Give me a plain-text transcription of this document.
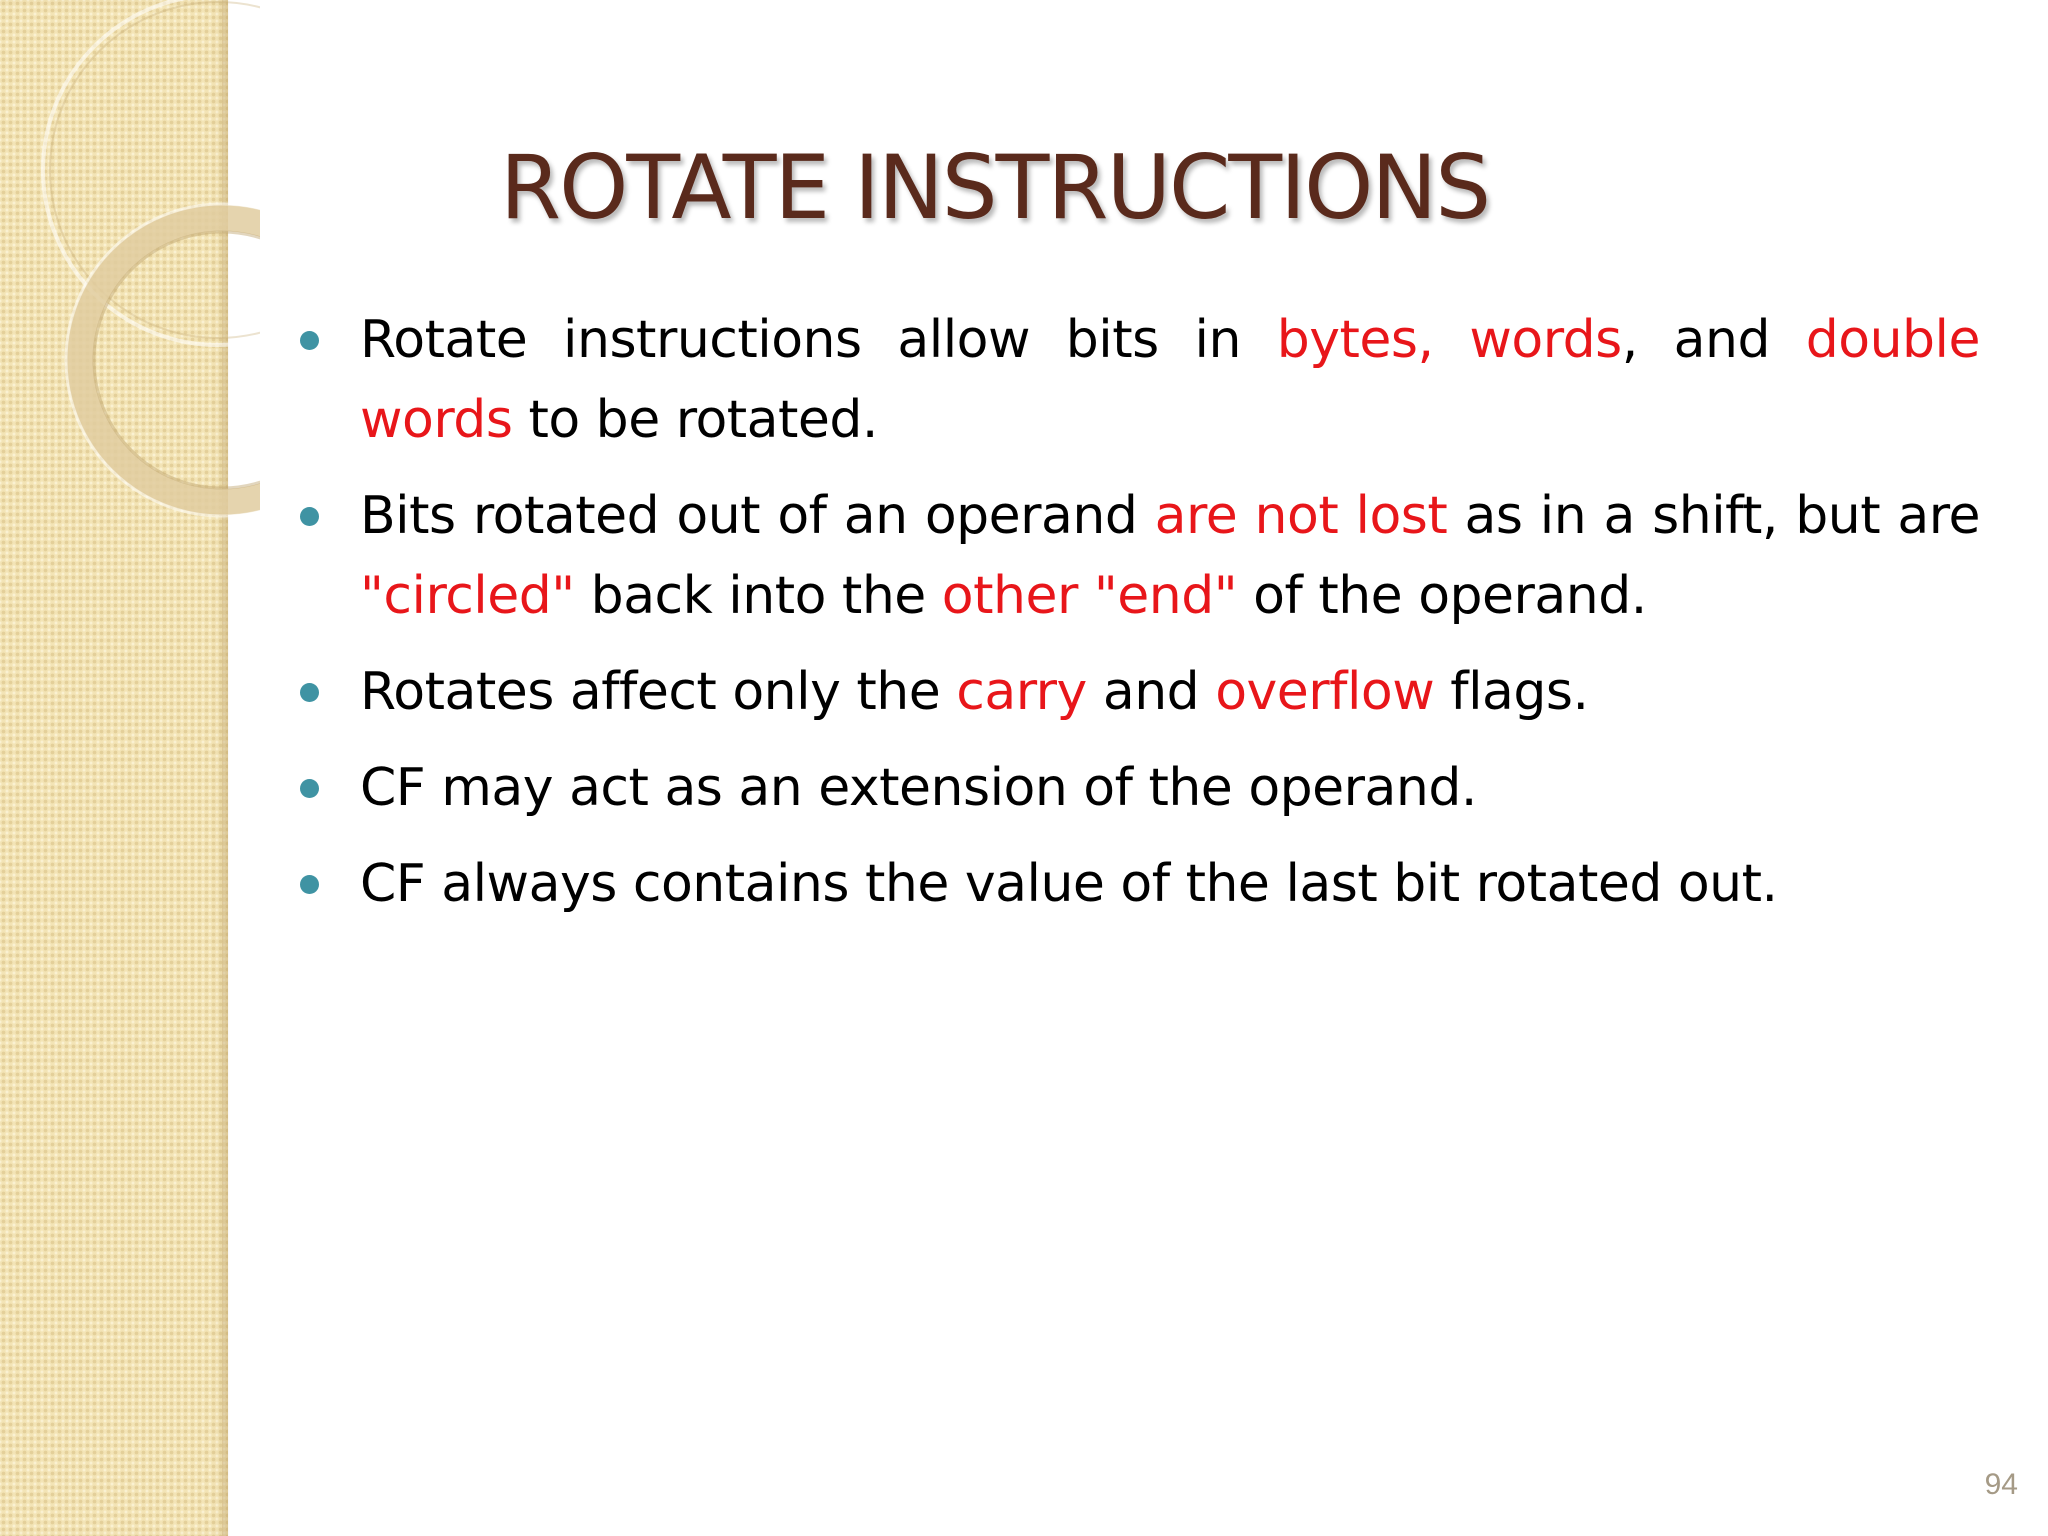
ROTATE INSTRUCTIONS
Rotate instructions allow bits in bytes, words, and double words to be rotated.
Bits rotated out of an operand are not lost as in a shift, but are "circled" back into the other "end" of the operand.
Rotates affect only the carry and overflow flags.
CF may act as an extension of the operand.
CF always contains the value of the last bit rotated out.
94
